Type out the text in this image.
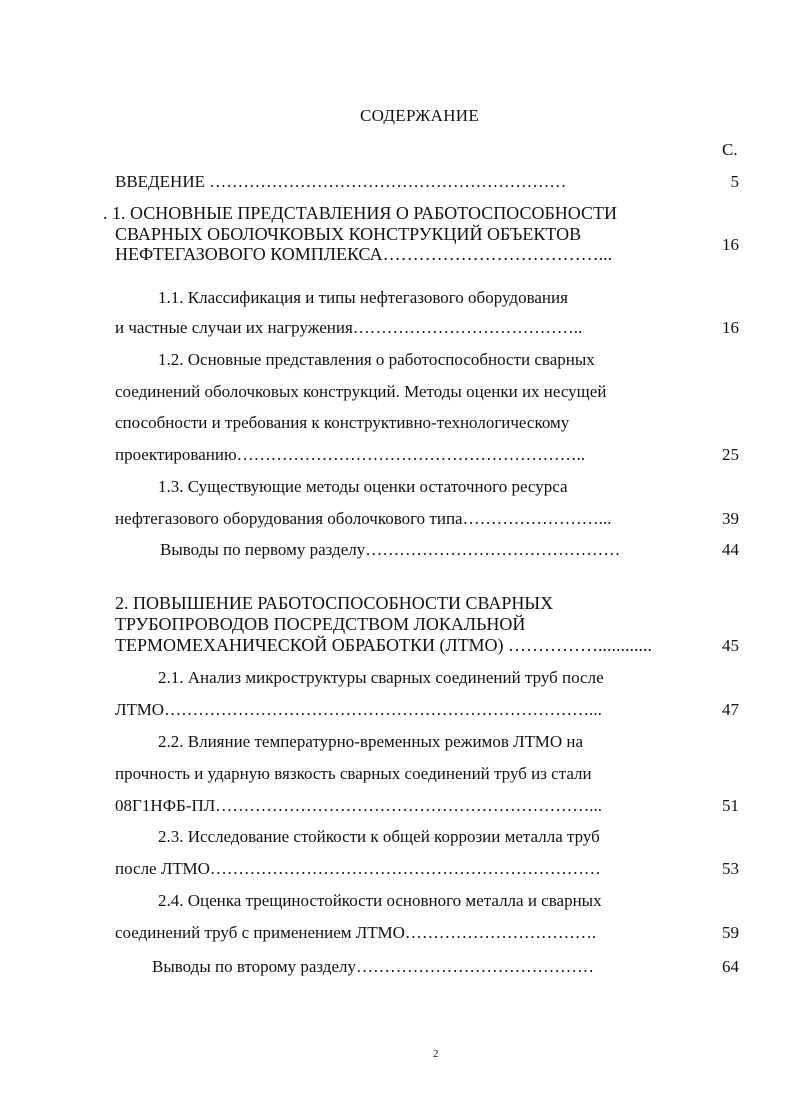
СОДЕРЖАНИЕ
С.
ВВЕДЕНИЕ ………………………………………………………	5
. 1. ОСНОВНЫЕ ПРЕДСТАВЛЕНИЯ О РАБОТОСПОСОБНОСТИ
СВАРНЫХ ОБОЛОЧКОВЫХ КОНСТРУКЦИЙ ОБЪЕКТОВ
НЕФТЕГАЗОВОГО КОМПЛЕКСА………………………………...	16
1.1. Классификация и типы нефтегазового оборудования
и частные случаи их нагружения…………………………………..	16
1.2. Основные представления о работоспособности сварных
соединений оболочковых конструкций. Методы оценки их несущей
способности и требования к конструктивно-технологическому
проектированию……………………………………………………..	25
1.3. Существующие методы оценки остаточного ресурса
нефтегазового оборудования оболочкового типа……………………...	39
Выводы по первому разделу………………………………………	44
2. ПОВЫШЕНИЕ РАБОТОСПОСОБНОСТИ СВАРНЫХ
ТРУБОПРОВОДОВ ПОСРЕДСТВОМ ЛОКАЛЬНОЙ
ТЕРМОМЕХАНИЧЕСКОЙ ОБРАБОТКИ (ЛТМО) ……………............	45
2.1. Анализ микроструктуры сварных соединений труб после
ЛТМО…………………………………………………………………...	47
2.2. Влияние температурно-временных режимов ЛТМО на
прочность и ударную вязкость сварных соединений труб из стали
08Г1НФБ-ПЛ…………………………………………………………...	51
2.3. Исследование стойкости к общей коррозии металла труб
после ЛТМО……………………………………………………………	53
2.4. Оценка трещиностойкости основного металла и сварных
соединений труб с применением ЛТМО…………………………….	59
Выводы по второму разделу……………………………………	64
2
